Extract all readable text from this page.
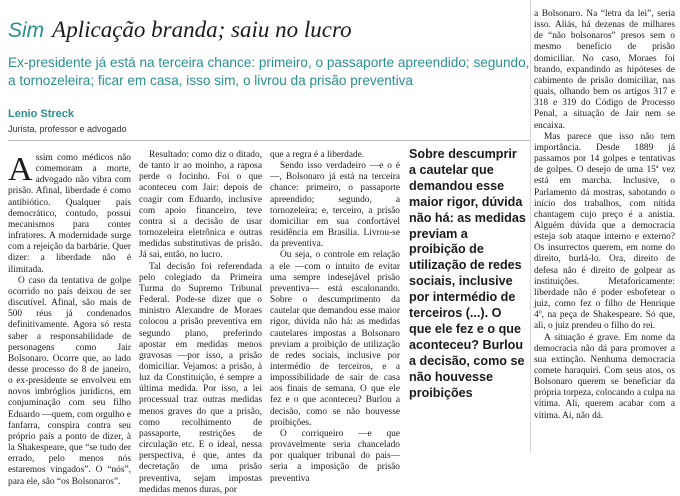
Sim Aplicação branda; saiu no lucro
Ex-presidente já está na terceira chance: primeiro, o passaporte apreendido; segundo, a tornozeleira; ficar em casa, isso sim, o livrou da prisão preventiva
Lenio Streck
Jurista, professor e advogado

Assim como médicos não comemoram a morte, advogado não vibra com prisão. Afinal, liberdade é como antibiótico. Qualquer país democrático, contudo, possui mecanismos para conter infratores. A modernidade surge com a rejeição da barbárie. Quer dizer: a liberdade não é ilimitada.

O caso da tentativa de golpe ocorrido no país deixou de ser discutível. Afinal, são mais de 500 réus já condenados definitivamente. Agora só resta saber a responsabilidade de personagens como Jair Bolsonaro. Ocorre que, ao lado desse processo do 8 de janeiro, o ex-presidente se envolveu em novos imbróglios jurídicos, em conjuminação com seu filho Eduardo —quem, com orgulho e fanfarra, conspira contra seu próprio país a ponto de dizer, à la Shakespeare, que “se tudo der errado, pelo menos nós estaremos vingados”. O “nós”, para ele, são “os Bolsonaros”.

Resultado: como diz o ditado, de tanto ir ao moinho, a raposa perde o focinho. Foi o que aconteceu com Jair: depois de coagir com Eduardo, inclusive com apoio financeiro, teve contra si a decisão de usar tornozeleira eletrônica e outras medidas substitutivas de prisão. Já sai, então, no lucro.

Tal decisão foi referendada pelo colegiado da Primeira Turma do Supremo Tribunal Federal. Pode-se dizer que o ministro Alexandre de Moraes colocou a prisão preventiva em segundo plano, preferindo apostar em medidas menos gravosas —por isso, a prisão domiciliar. Vejamos: a prisão, à luz da Constituição, é sempre a última medida. Por isso, a lei processual traz outras medidas menos graves do que a prisão, como recolhimento de passaporte, restrições de circulação etc. E o ideal, nessa perspectiva, é que, antes da decretação de uma prisão preventiva, sejam impostas medidas menos duras, por

que a regra é a liberdade.

Sendo isso verdadeiro —e o é—, Bolsonaro já está na terceira chance: primeiro, o passaporte apreendido; segundo, a tornozeleira; e, terceiro, a prisão domiciliar em sua confortável residência em Brasília. Livrou-se da preventiva.

Ou seja, o controle em relação a ele —com o intuito de evitar uma sempre indesejável prisão preventiva— está escalonando. Sobre o descumprimento da cautelar que demandou esse maior rigor, dúvida não há: as medidas cautelares impostas a Bolsonaro previam a proibição de utilização de redes sociais, inclusive por intermédio de terceiros, e a impossibilidade de sair de casa aos finais de semana. O que ele fez e o que aconteceu? Burlou a decisão, como se não houvesse proibições.

O corriqueiro —e que provavelmente seria chancelado por qualquer tribunal do país— seria a imposição de prisão preventiva

Sobre descumprir a cautelar que demandou esse maior rigor, dúvida não há: as medidas previam a proibição de utilização de redes sociais, inclusive por intermédio de terceiros (...). O que ele fez e o que aconteceu? Burlou a decisão, como se não houvesse proibições

a Bolsonaro. Na “letra da lei”, seria isso. Aliás, há dezenas de milhares de “não bolsonaros” presos sem o mesmo benefício de prisão domiciliar. No caso, Moraes foi brando, expandindo as hipóteses de cabimento de prisão domiciliar, nas quais, olhando bem os artigos 317 e 318 e 319 do Código de Processo Penal, a situação de Jair nem se encaixa.

Mas parece que isso não tem importância. Desde 1889 já passamos por 14 golpes e tentativas de golpes. O desejo de uma 15ª vez está em marcha. Inclusive, o Parlamento dá mostras, sabotando o início dos trabalhos, com nítida chantagem cujo preço é a anistia. Alguém dúvida que a democracia esteja sob ataque interno e externo? Os insurrectos querem, em nome do direito, burlá-lo. Ora, direito de defesa não é direito de golpear as instituições. Metaforicamente: liberdade não é poder esbofetear o juiz, como fez o filho de Henrique 4º, na peça de Shakespeare. Só que, ali, o juiz prendeu o filho do rei.

A situação é grave. Em nome da democracia não dá para promover a sua extinção. Nenhuma democracia comete haraquiri. Com seus atos, os Bolsonaro querem se beneficiar da própria torpeza, colocando a culpa na vítima. Ali, querem acabar com a vítima. Aí, não dá.
